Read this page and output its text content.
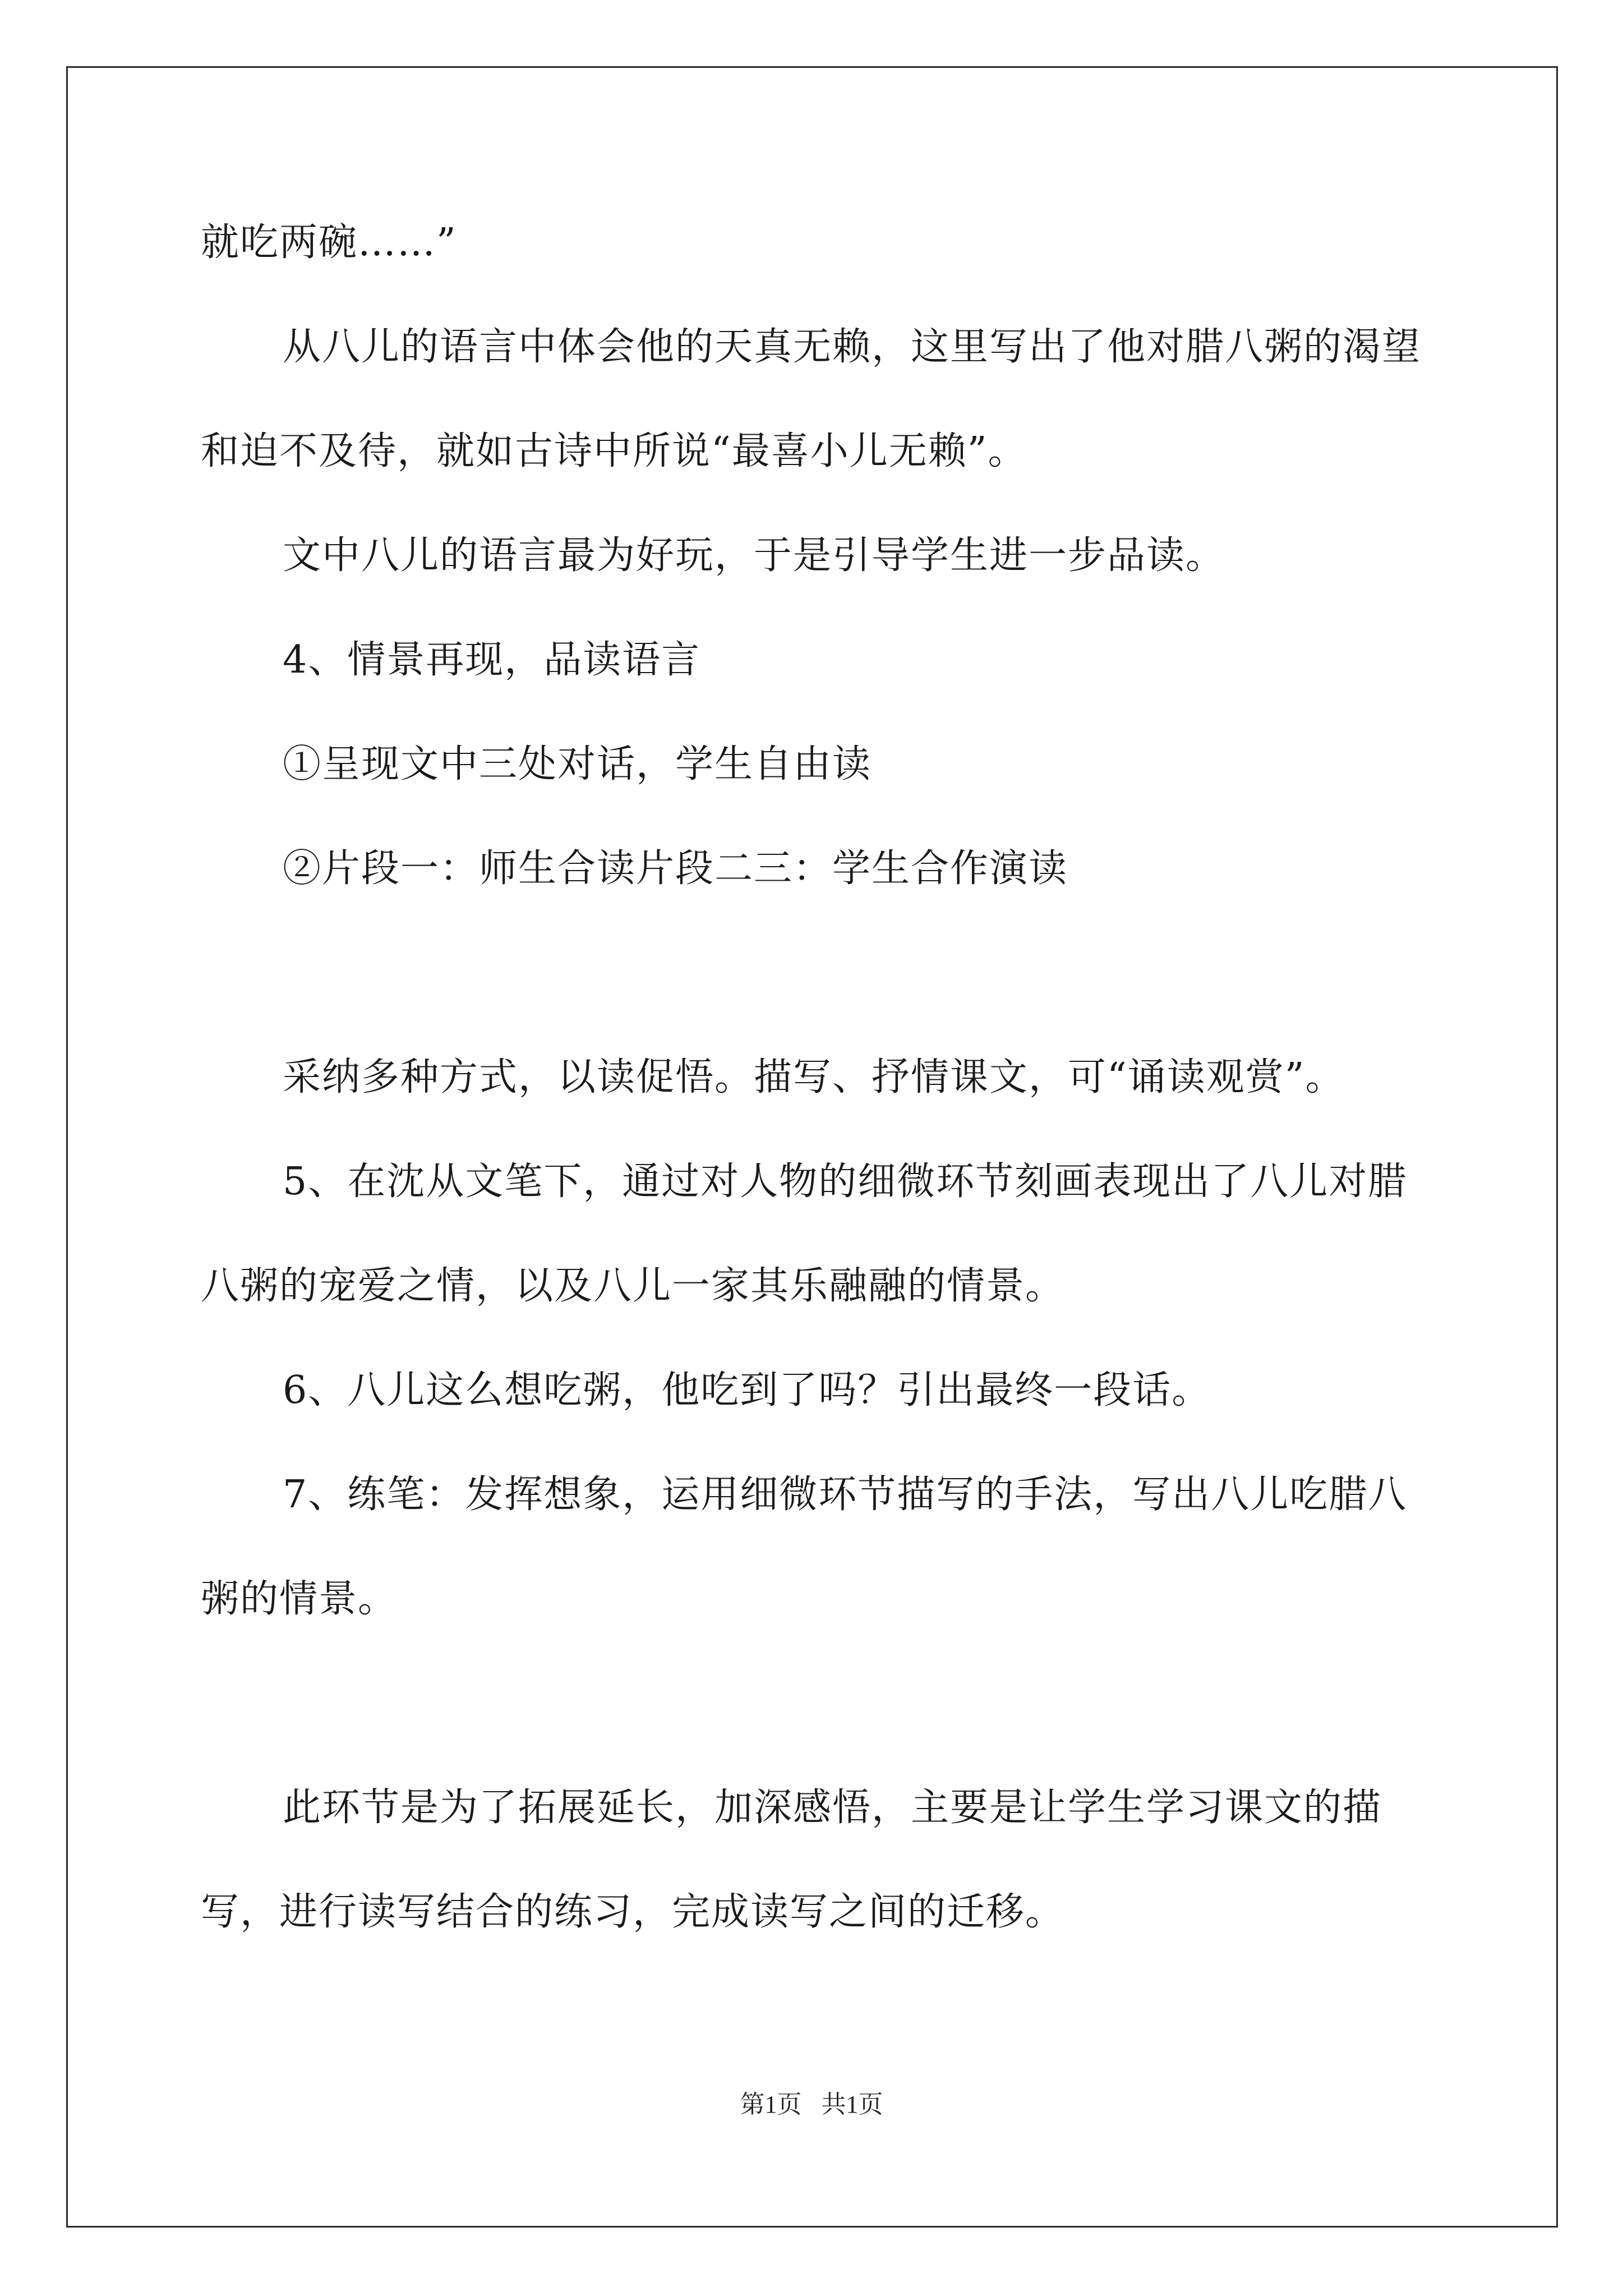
就吃两碗……”

从八儿的语言中体会他的天真无赖，这里写出了他对腊八粥的渴望和迫不及待，就如古诗中所说“最喜小儿无赖”。

文中八儿的语言最为好玩，于是引导学生进一步品读。

4、情景再现，品读语言

①呈现文中三处对话，学生自由读

②片段一：师生合读片段二三：学生合作演读

采纳多种方式，以读促悟。描写、抒情课文，可“诵读观赏”。

5、在沈从文笔下，通过对人物的细微环节刻画表现出了八儿对腊八粥的宠爱之情，以及八儿一家其乐融融的情景。

6、八儿这么想吃粥，他吃到了吗？引出最终一段话。

7、练笔：发挥想象，运用细微环节描写的手法，写出八儿吃腊八粥的情景。

此环节是为了拓展延长，加深感悟，主要是让学生学习课文的描写，进行读写结合的练习，完成读写之间的迁移。

第1页 共1页
